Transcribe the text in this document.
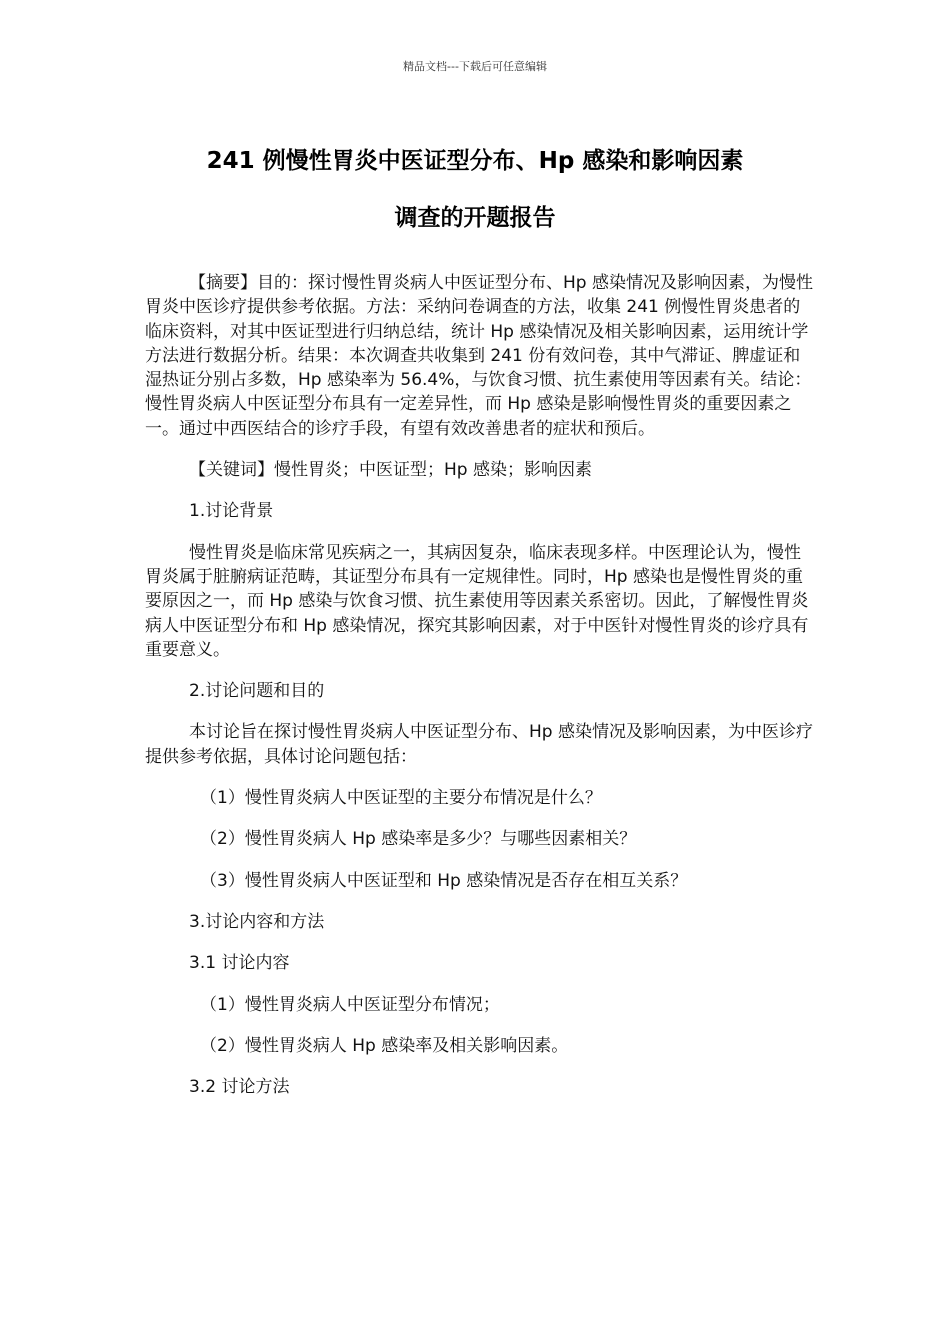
精品文档---下载后可任意编辑
241 例慢性胃炎中医证型分布、Hp 感染和影响因素
调查的开题报告

【摘要】目的：探讨慢性胃炎病人中医证型分布、Hp 感染情况及影响因素，为慢性胃炎中医诊疗提供参考依据。方法：采纳问卷调查的方法，收集 241 例慢性胃炎患者的临床资料，对其中医证型进行归纳总结，统计 Hp 感染情况及相关影响因素，运用统计学方法进行数据分析。结果：本次调查共收集到 241 份有效问卷，其中气滞证、脾虚证和湿热证分别占多数，Hp 感染率为 56.4%，与饮食习惯、抗生素使用等因素有关。结论：慢性胃炎病人中医证型分布具有一定差异性，而 Hp 感染是影响慢性胃炎的重要因素之一。通过中西医结合的诊疗手段，有望有效改善患者的症状和预后。

【关键词】慢性胃炎；中医证型；Hp 感染；影响因素

1.讨论背景

慢性胃炎是临床常见疾病之一，其病因复杂，临床表现多样。中医理论认为，慢性胃炎属于脏腑病证范畴，其证型分布具有一定规律性。同时，Hp 感染也是慢性胃炎的重要原因之一，而 Hp 感染与饮食习惯、抗生素使用等因素关系密切。因此，了解慢性胃炎病人中医证型分布和 Hp 感染情况，探究其影响因素，对于中医针对慢性胃炎的诊疗具有重要意义。

2.讨论问题和目的

本讨论旨在探讨慢性胃炎病人中医证型分布、Hp 感染情况及影响因素，为中医诊疗提供参考依据，具体讨论问题包括：

（1）慢性胃炎病人中医证型的主要分布情况是什么？

（2）慢性胃炎病人 Hp 感染率是多少？与哪些因素相关？

（3）慢性胃炎病人中医证型和 Hp 感染情况是否存在相互关系？

3.讨论内容和方法

3.1 讨论内容

（1）慢性胃炎病人中医证型分布情况；

（2）慢性胃炎病人 Hp 感染率及相关影响因素。

3.2 讨论方法
